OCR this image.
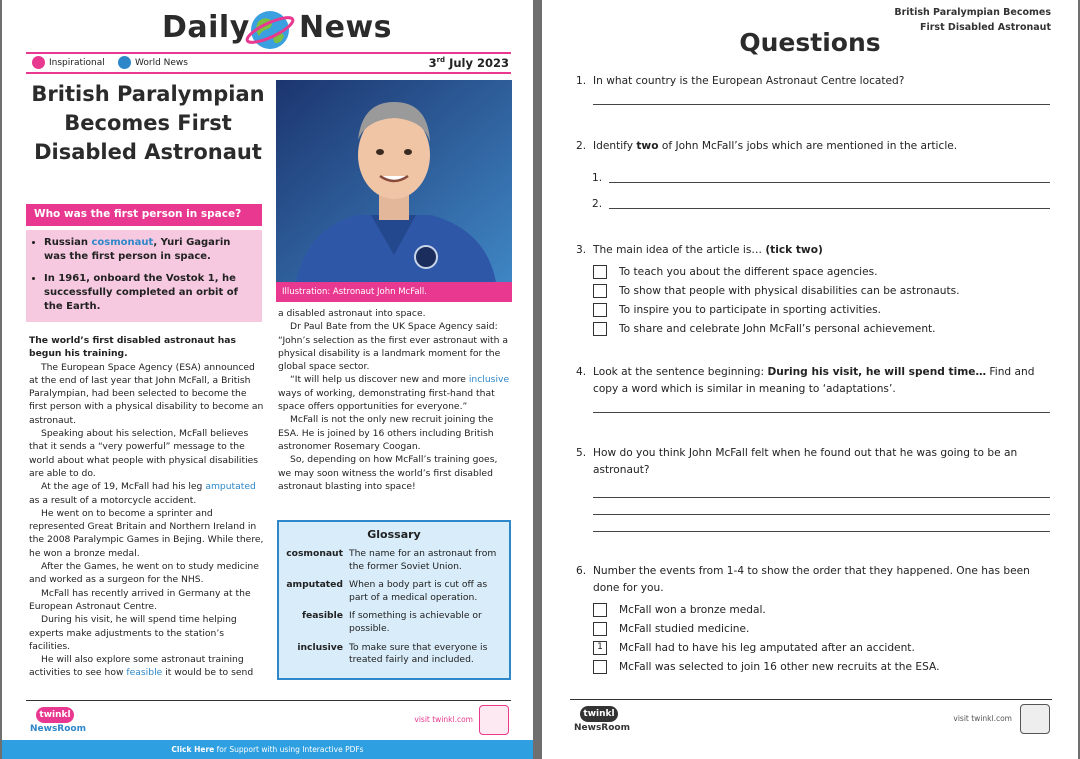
Daily News
Inspirational	World News	3rd July 2023
British Paralympian Becomes First Disabled Astronaut
Illustration: Astronaut John McFall.
Who was the first person in space?
• Russian cosmonaut, Yuri Gagarin was the first person in space.
• In 1961, onboard the Vostok 1, he successfully completed an orbit of the Earth.

The world’s first disabled astronaut has begun his training.

The European Space Agency (ESA) announced at the end of last year that John McFall, a British Paralympian, had been selected to become the first person with a physical disability to become an astronaut.

Speaking about his selection, McFall believes that it sends a “very powerful” message to the world about what people with physical disabilities are able to do.

At the age of 19, McFall had his leg amputated as a result of a motorcycle accident.

He went on to become a sprinter and represented Great Britain and Northern Ireland in the 2008 Paralympic Games in Bejing. While there, he won a bronze medal.

After the Games, he went on to study medicine and worked as a surgeon for the NHS.

McFall has recently arrived in Germany at the European Astronaut Centre.

During his visit, he will spend time helping experts make adjustments to the station’s facilities.

He will also explore some astronaut training activities to see how feasible it would be to send

a disabled astronaut into space.

Dr Paul Bate from the UK Space Agency said: “John’s selection as the first ever astronaut with a physical disability is a landmark moment for the global space sector.

“It will help us discover new and more inclusive ways of working, demonstrating first-hand that space offers opportunities for everyone.”

McFall is not the only new recruit joining the ESA. He is joined by 16 others including British astronomer Rosemary Coogan.

So, depending on how McFall’s training goes, we may soon witness the world’s first disabled astronaut blasting into space!

Glossary
cosmonaut The name for an astronaut from the former Soviet Union.
amputated When a body part is cut off as part of a medical operation.
feasible If something is achievable or possible.
inclusive To make sure that everyone is treated fairly and included.
twinkl
NewsRoom
visit twinkl.com
Click Here for Support with using Interactive PDFs
British Paralympian Becomes
First Disabled Astronaut
Questions
1. In what country is the European Astronaut Centre located?
2. Identify two of John McFall’s jobs which are mentioned in the article.
1.
2.
3. The main idea of the article is… (tick two)
To teach you about the different space agencies.
To show that people with physical disabilities can be astronauts.
To inspire you to participate in sporting activities.
To share and celebrate John McFall’s personal achievement.
4. Look at the sentence beginning: During his visit, he will spend time… Find and copy a word which is similar in meaning to ‘adaptations’.
5. How do you think John McFall felt when he found out that he was going to be an astronaut?
6. Number the events from 1-4 to show the order that they happened. One has been done for you.
McFall won a bronze medal.
McFall studied medicine.
1	McFall had to have his leg amputated after an accident.
McFall was selected to join 16 other new recruits at the ESA.
twinkl
NewsRoom
visit twinkl.com
